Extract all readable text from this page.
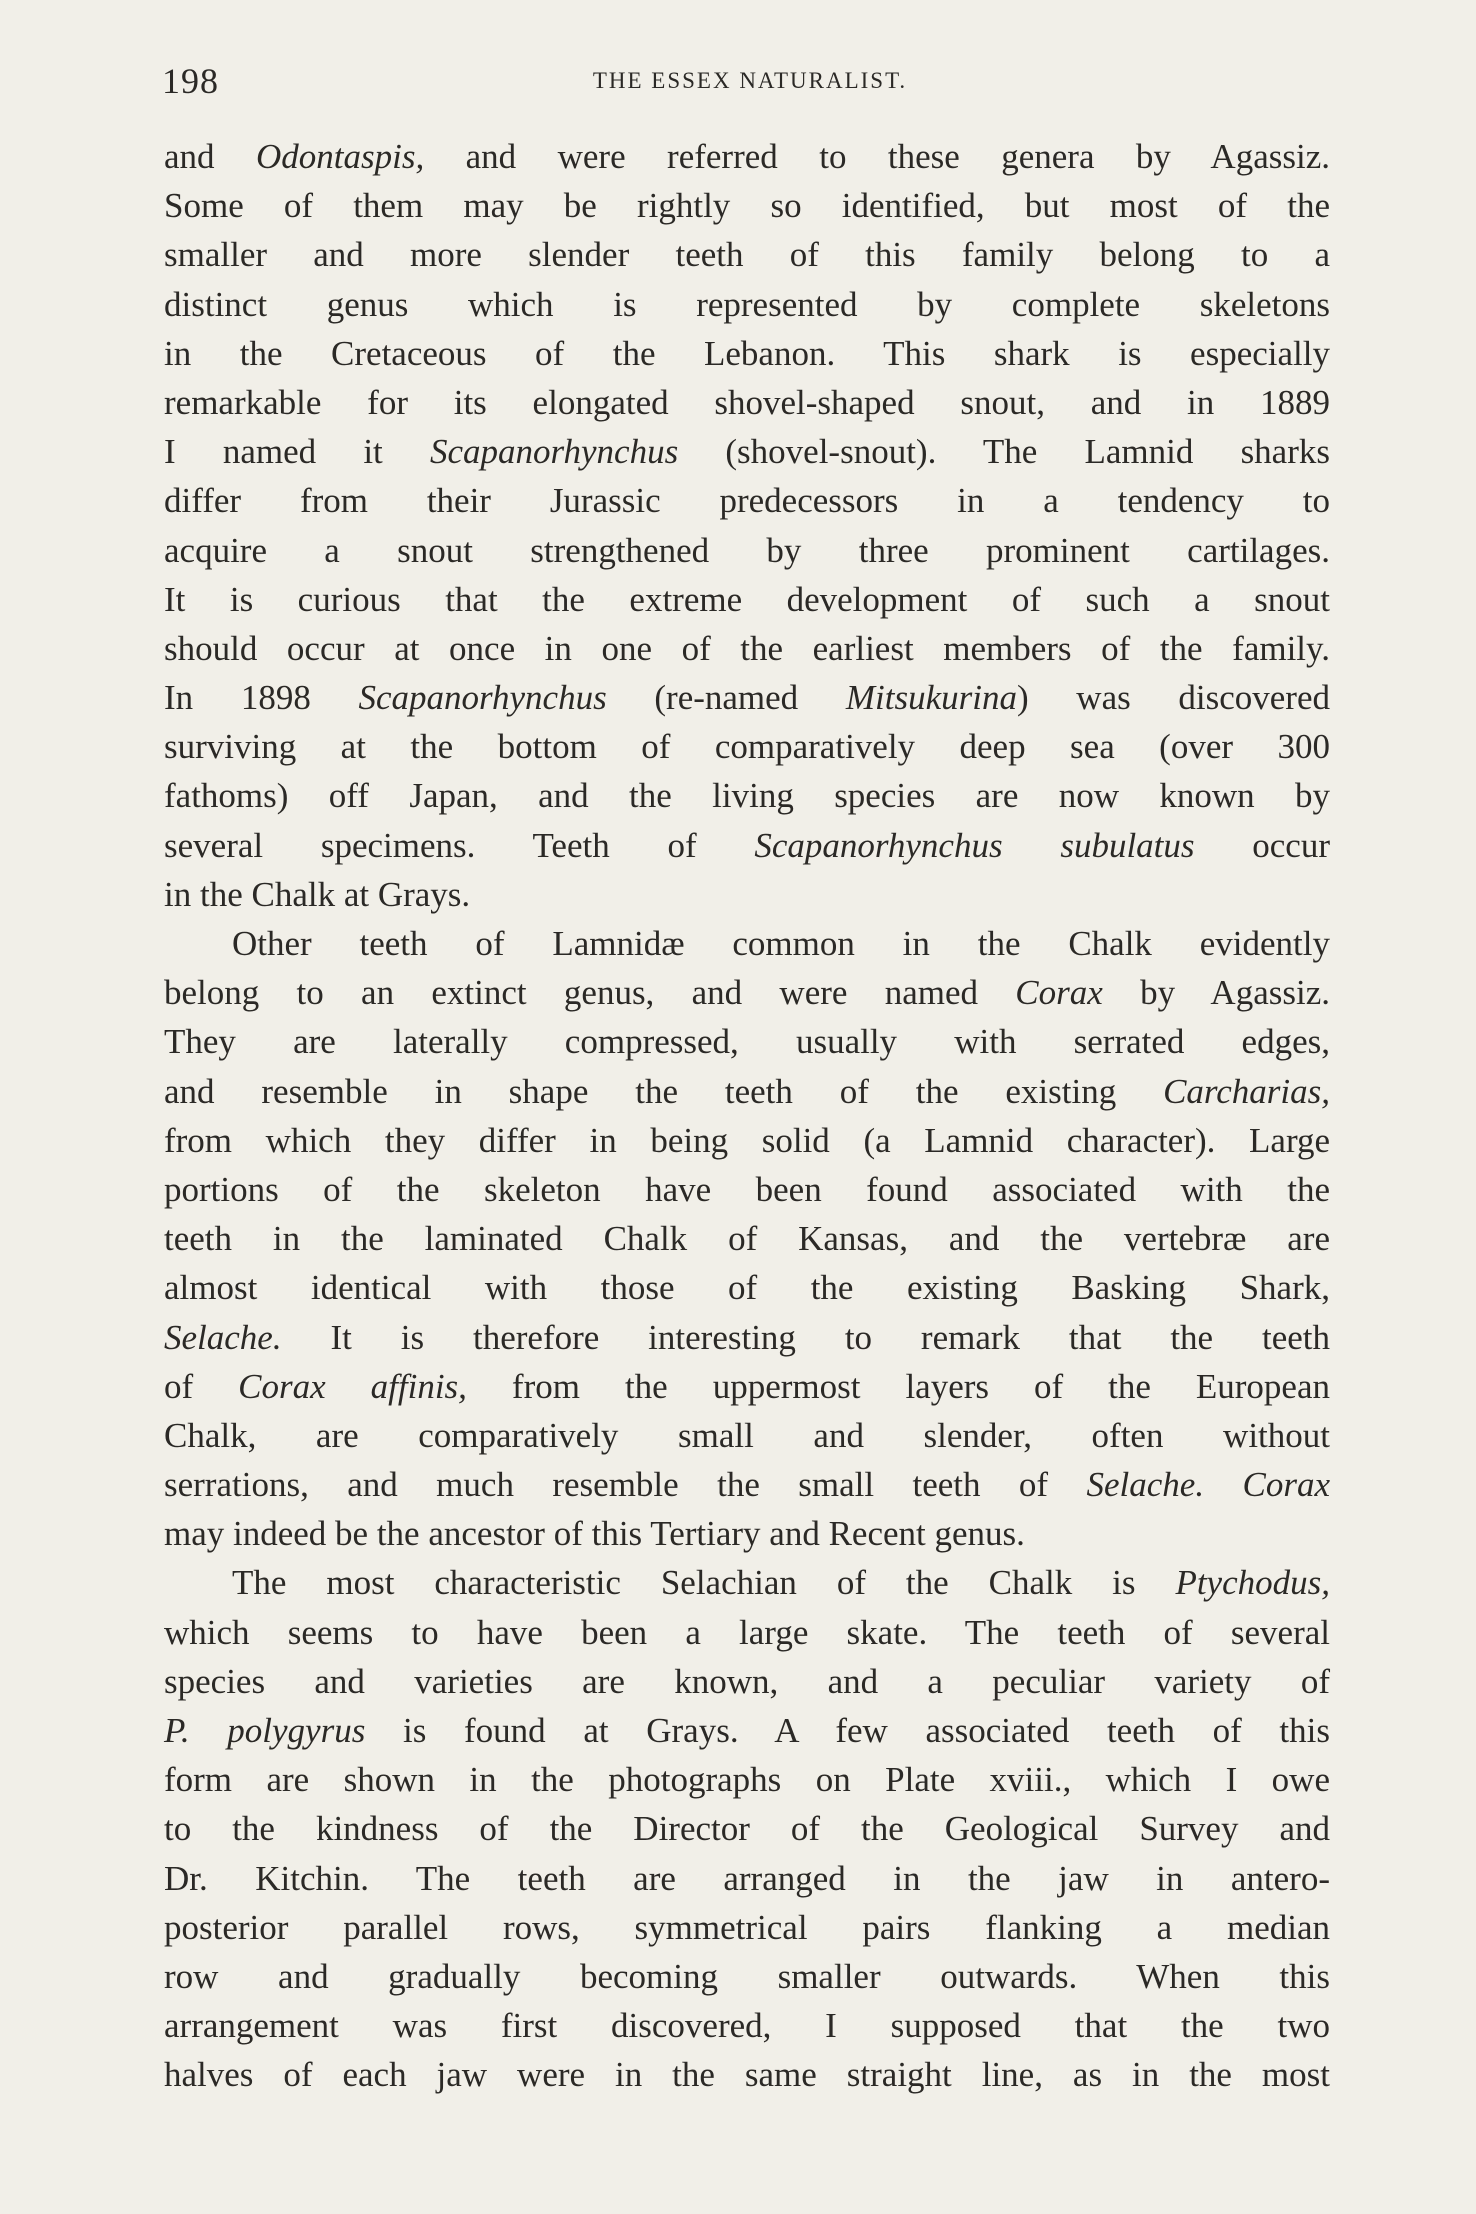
198	THE ESSEX NATURALIST.
and Odontaspis, and were referred to these genera by Agassiz.
Some of them may be rightly so identified, but most of the
smaller and more slender teeth of this family belong to a
distinct genus which is represented by complete skeletons
in the Cretaceous of the Lebanon. This shark is especially
remarkable for its elongated shovel-shaped snout, and in 1889
I named it Scapanorhynchus (shovel-snout). The Lamnid sharks
differ from their Jurassic predecessors in a tendency to
acquire a snout strengthened by three prominent cartilages.
It is curious that the extreme development of such a snout
should occur at once in one of the earliest members of the family.
In 1898 Scapanorhynchus (re-named Mitsukurina) was discovered
surviving at the bottom of comparatively deep sea (over 300
fathoms) off Japan, and the living species are now known by
several specimens. Teeth of Scapanorhynchus subulatus occur
in the Chalk at Grays.
Other teeth of Lamnidæ common in the Chalk evidently
belong to an extinct genus, and were named Corax by Agassiz.
They are laterally compressed, usually with serrated edges,
and resemble in shape the teeth of the existing Carcharias,
from which they differ in being solid (a Lamnid character). Large
portions of the skeleton have been found associated with the
teeth in the laminated Chalk of Kansas, and the vertebræ are
almost identical with those of the existing Basking Shark,
Selache. It is therefore interesting to remark that the teeth
of Corax affinis, from the uppermost layers of the European
Chalk, are comparatively small and slender, often without
serrations, and much resemble the small teeth of Selache. Corax
may indeed be the ancestor of this Tertiary and Recent genus.
The most characteristic Selachian of the Chalk is Ptychodus,
which seems to have been a large skate. The teeth of several
species and varieties are known, and a peculiar variety of
P. polygyrus is found at Grays. A few associated teeth of this
form are shown in the photographs on Plate xviii., which I owe
to the kindness of the Director of the Geological Survey and
Dr. Kitchin. The teeth are arranged in the jaw in antero-
posterior parallel rows, symmetrical pairs flanking a median
row and gradually becoming smaller outwards. When this
arrangement was first discovered, I supposed that the two
halves of each jaw were in the same straight line, as in the most
